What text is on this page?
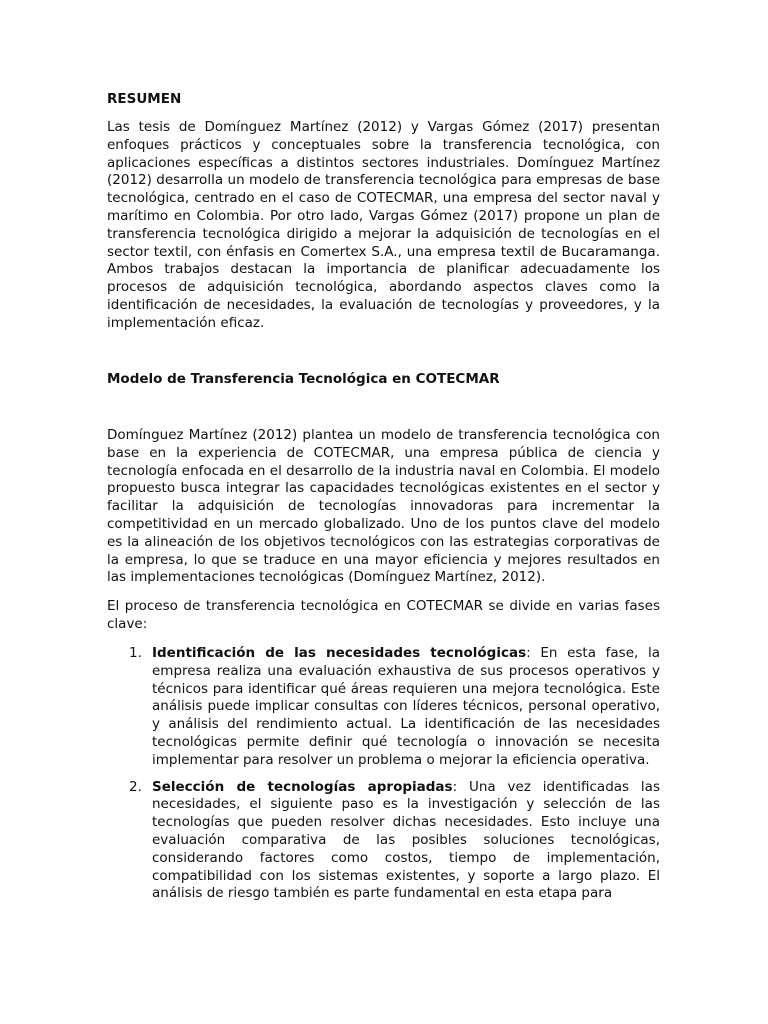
RESUMEN

Las tesis de Domínguez Martínez (2012) y Vargas Gómez (2017) presentan enfoques prácticos y conceptuales sobre la transferencia tecnológica, con aplicaciones específicas a distintos sectores industriales. Domínguez Martínez (2012) desarrolla un modelo de transferencia tecnológica para empresas de base tecnológica, centrado en el caso de COTECMAR, una empresa del sector naval y marítimo en Colombia. Por otro lado, Vargas Gómez (2017) propone un plan de transferencia tecnológica dirigido a mejorar la adquisición de tecnologías en el sector textil, con énfasis en Comertex S.A., una empresa textil de Bucaramanga. Ambos trabajos destacan la importancia de planificar adecuadamente los procesos de adquisición tecnológica, abordando aspectos claves como la identificación de necesidades, la evaluación de tecnologías y proveedores, y la implementación eficaz.

Modelo de Transferencia Tecnológica en COTECMAR

Domínguez Martínez (2012) plantea un modelo de transferencia tecnológica con base en la experiencia de COTECMAR, una empresa pública de ciencia y tecnología enfocada en el desarrollo de la industria naval en Colombia. El modelo propuesto busca integrar las capacidades tecnológicas existentes en el sector y facilitar la adquisición de tecnologías innovadoras para incrementar la competitividad en un mercado globalizado. Uno de los puntos clave del modelo es la alineación de los objetivos tecnológicos con las estrategias corporativas de la empresa, lo que se traduce en una mayor eficiencia y mejores resultados en las implementaciones tecnológicas (Domínguez Martínez, 2012).

El proceso de transferencia tecnológica en COTECMAR se divide en varias fases clave:

1. Identificación de las necesidades tecnológicas: En esta fase, la empresa realiza una evaluación exhaustiva de sus procesos operativos y técnicos para identificar qué áreas requieren una mejora tecnológica. Este análisis puede implicar consultas con líderes técnicos, personal operativo, y análisis del rendimiento actual. La identificación de las necesidades tecnológicas permite definir qué tecnología o innovación se necesita implementar para resolver un problema o mejorar la eficiencia operativa.
2. Selección de tecnologías apropiadas: Una vez identificadas las necesidades, el siguiente paso es la investigación y selección de las tecnologías que pueden resolver dichas necesidades. Esto incluye una evaluación comparativa de las posibles soluciones tecnológicas, considerando factores como costos, tiempo de implementación, compatibilidad con los sistemas existentes, y soporte a largo plazo. El análisis de riesgo también es parte fundamental en esta etapa para
